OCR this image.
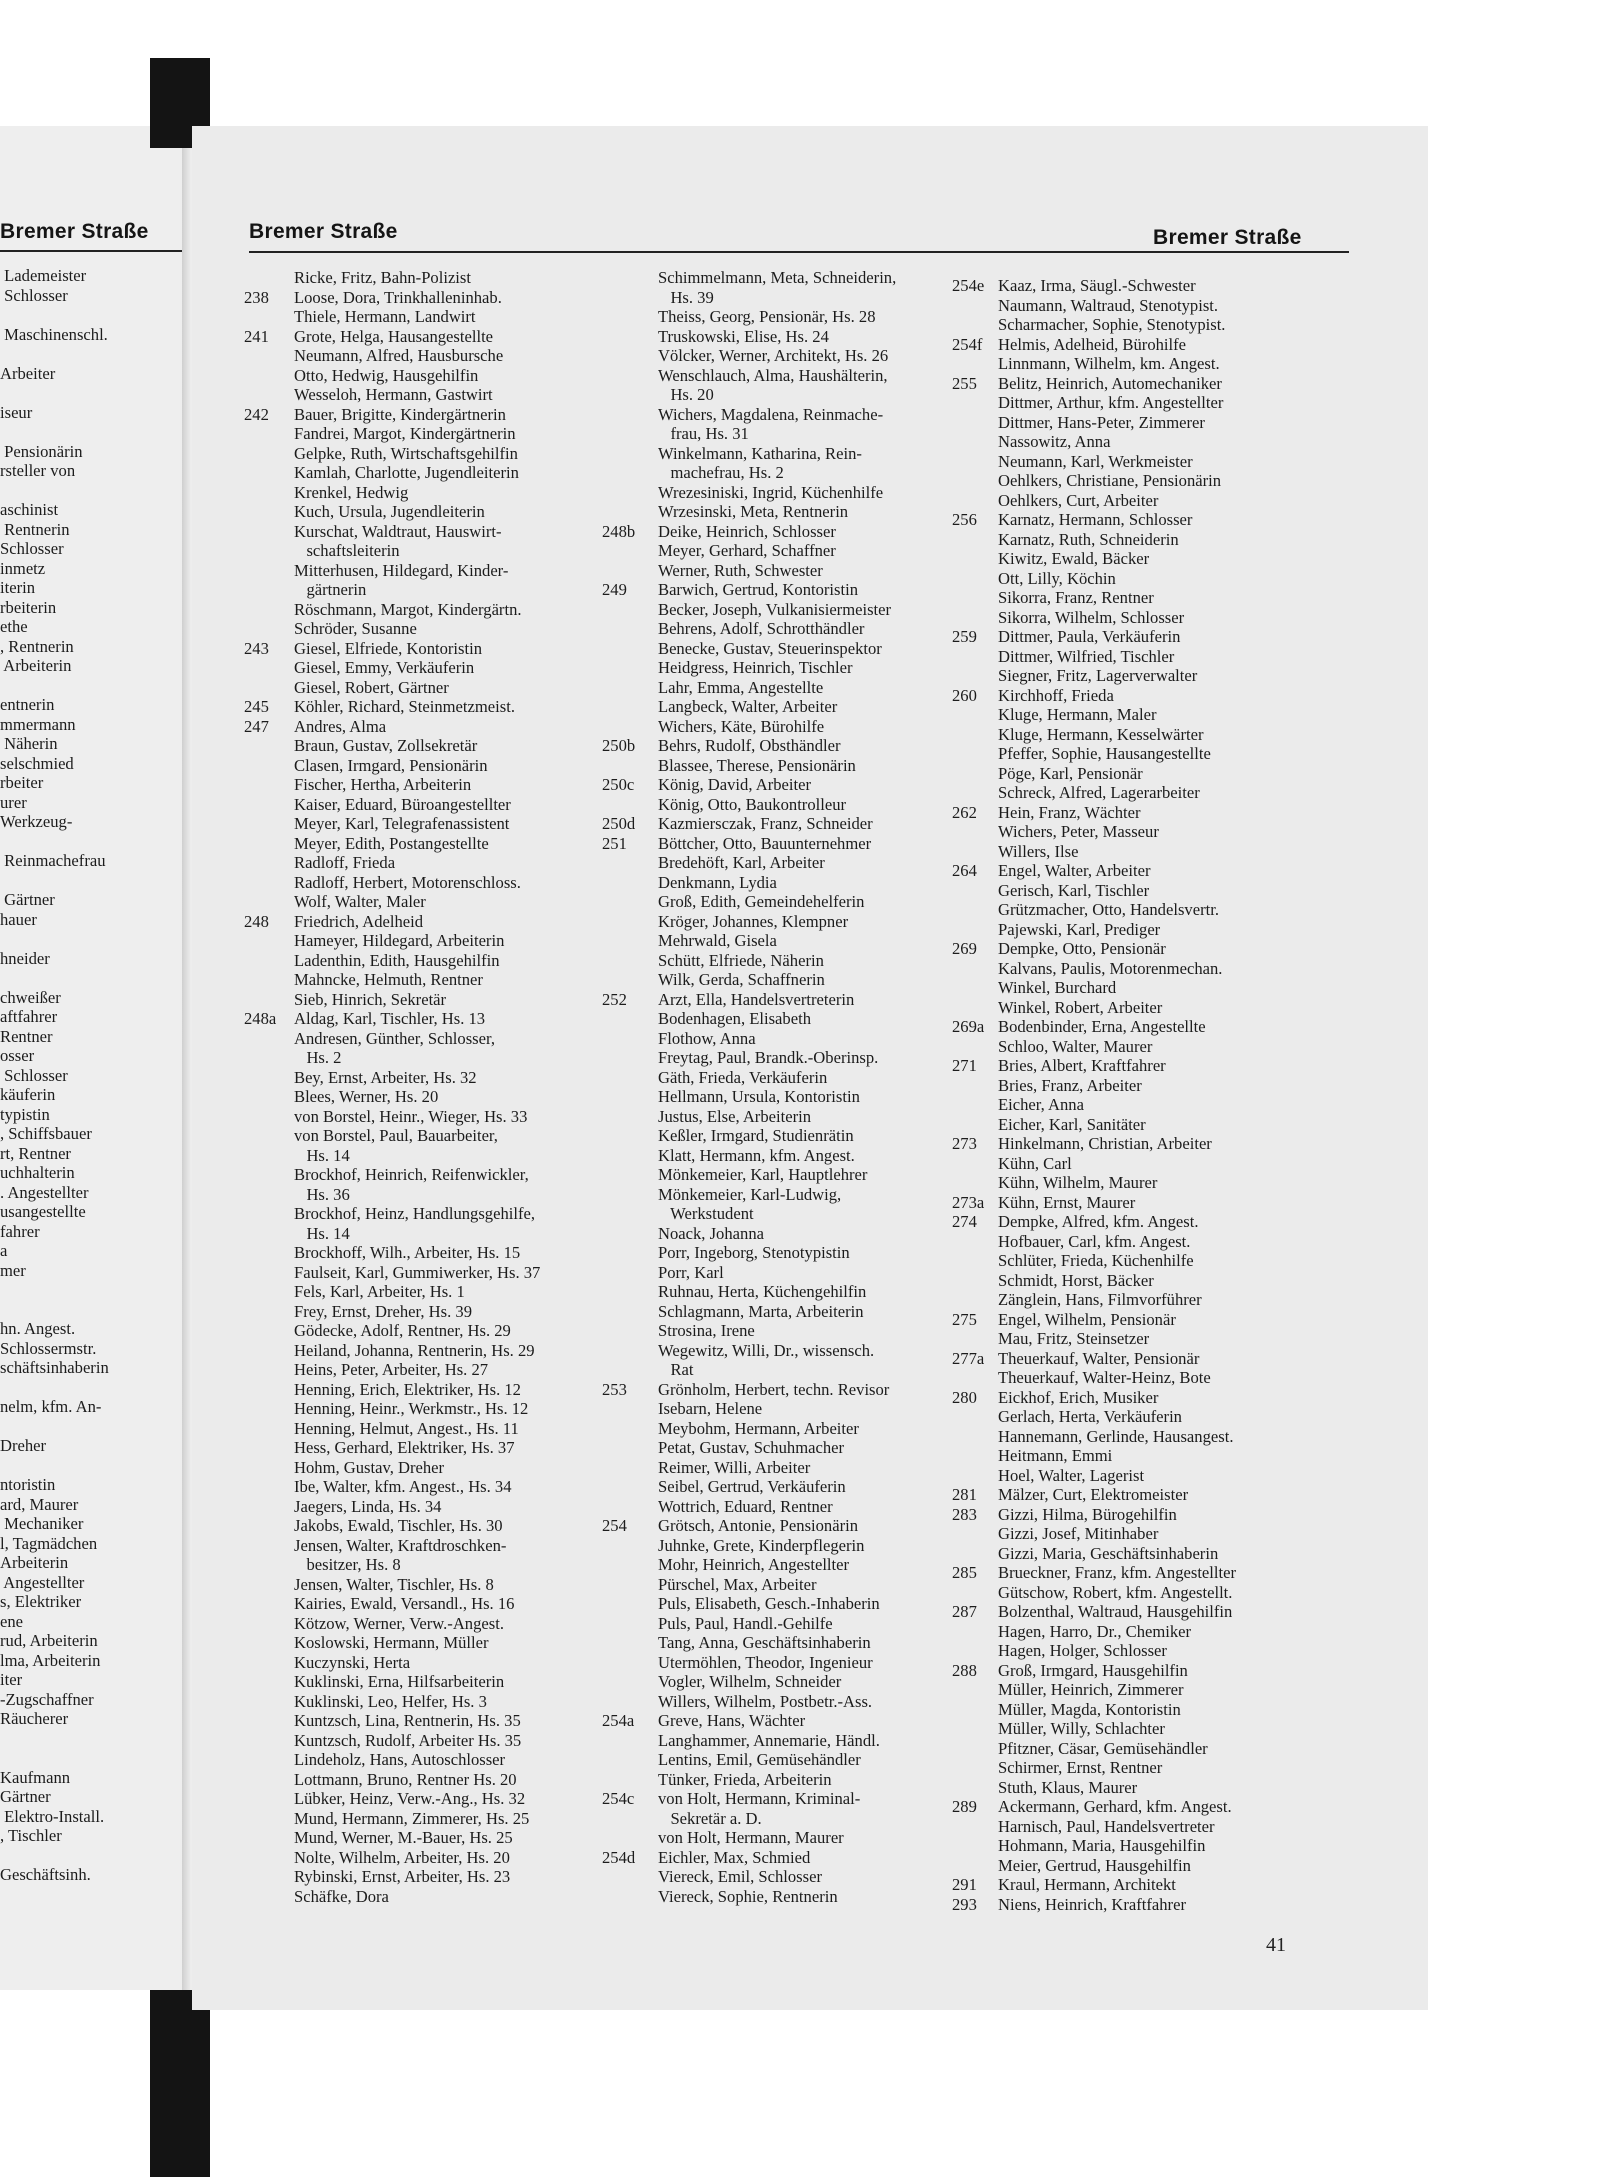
Bremer Straße
Lademeister
Schlosser
Maschinenschl.
Arbeiter
iseur
Pensionärin
rsteller von
aschinist
Rentnerin
Schlosser
inmetz
iterin
rbeiterin
ethe
, Rentnerin
Arbeiterin
entnerin
mmermann
Näherin
selschmied
rbeiter
urer
Werkzeug-
Reinmachefrau
Gärtner
hauer
hneider
chweißer
aftfahrer
Rentner
osser
Schlosser
käuferin
typistin
, Schiffsbauer
rt, Rentner
uchhalterin
. Angestellter
usangestellte
fahrer
a
mer
hn. Angest.
Schlossermstr.
schäftsinhaberin
nelm, kfm. An-
Dreher
ntoristin
ard, Maurer
Mechaniker
l, Tagmädchen
Arbeiterin
Angestellter
s, Elektriker
ene
rud, Arbeiterin
lma, Arbeiterin
iter
-Zugschaffner
Räucherer
Kaufmann
Gärtner
Elektro-Install.
, Tischler
Geschäftsinh.
Bremer Straße	Bremer Straße
Ricke, Fritz, Bahn-Polizist
238 Loose, Dora, Trinkhalleninhab.
Thiele, Hermann, Landwirt
241 Grote, Helga, Hausangestellte
Neumann, Alfred, Hausbursche
Otto, Hedwig, Hausgehilfin
Wesseloh, Hermann, Gastwirt
242 Bauer, Brigitte, Kindergärtnerin
Fandrei, Margot, Kindergärtnerin
Gelpke, Ruth, Wirtschaftsgehilfin
Kamlah, Charlotte, Jugendleiterin
Krenkel, Hedwig
Kuch, Ursula, Jugendleiterin
Kurschat, Waldtraut, Hauswirt-
schaftsleiterin
Mitterhusen, Hildegard, Kinder-
gärtnerin
Röschmann, Margot, Kindergärtn.
Schröder, Susanne
243 Giesel, Elfriede, Kontoristin
Giesel, Emmy, Verkäuferin
Giesel, Robert, Gärtner
245 Köhler, Richard, Steinmetzmeist.
247 Andres, Alma
Braun, Gustav, Zollsekretär
Clasen, Irmgard, Pensionärin
Fischer, Hertha, Arbeiterin
Kaiser, Eduard, Büroangestellter
Meyer, Karl, Telegrafenassistent
Meyer, Edith, Postangestellte
Radloff, Frieda
Radloff, Herbert, Motorenschloss.
Wolf, Walter, Maler
248 Friedrich, Adelheid
Hameyer, Hildegard, Arbeiterin
Ladenthin, Edith, Hausgehilfin
Mahncke, Helmuth, Rentner
Sieb, Hinrich, Sekretär
248a Aldag, Karl, Tischler, Hs. 13
Andresen, Günther, Schlosser,
Hs. 2
Bey, Ernst, Arbeiter, Hs. 32
Blees, Werner, Hs. 20
von Borstel, Heinr., Wieger, Hs. 33
von Borstel, Paul, Bauarbeiter,
Hs. 14
Brockhof, Heinrich, Reifenwickler,
Hs. 36
Brockhof, Heinz, Handlungsgehilfe,
Hs. 14
Brockhoff, Wilh., Arbeiter, Hs. 15
Faulseit, Karl, Gummiwerker, Hs. 37
Fels, Karl, Arbeiter, Hs. 1
Frey, Ernst, Dreher, Hs. 39
Gödecke, Adolf, Rentner, Hs. 29
Heiland, Johanna, Rentnerin, Hs. 29
Heins, Peter, Arbeiter, Hs. 27
Henning, Erich, Elektriker, Hs. 12
Henning, Heinr., Werkmstr., Hs. 12
Henning, Helmut, Angest., Hs. 11
Hess, Gerhard, Elektriker, Hs. 37
Hohm, Gustav, Dreher
Ibe, Walter, kfm. Angest., Hs. 34
Jaegers, Linda, Hs. 34
Jakobs, Ewald, Tischler, Hs. 30
Jensen, Walter, Kraftdroschken-
besitzer, Hs. 8
Jensen, Walter, Tischler, Hs. 8
Kairies, Ewald, Versandl., Hs. 16
Kötzow, Werner, Verw.-Angest.
Koslowski, Hermann, Müller
Kuczynski, Herta
Kuklinski, Erna, Hilfsarbeiterin
Kuklinski, Leo, Helfer, Hs. 3
Kuntzsch, Lina, Rentnerin, Hs. 35
Kuntzsch, Rudolf, Arbeiter Hs. 35
Lindeholz, Hans, Autoschlosser
Lottmann, Bruno, Rentner Hs. 20
Lübker, Heinz, Verw.-Ang., Hs. 32
Mund, Hermann, Zimmerer, Hs. 25
Mund, Werner, M.-Bauer, Hs. 25
Nolte, Wilhelm, Arbeiter, Hs. 20
Rybinski, Ernst, Arbeiter, Hs. 23
Schäfke, Dora
Schimmelmann, Meta, Schneiderin,
Hs. 39
Theiss, Georg, Pensionär, Hs. 28
Truskowski, Elise, Hs. 24
Völcker, Werner, Architekt, Hs. 26
Wenschlauch, Alma, Haushälterin,
Hs. 20
Wichers, Magdalena, Reinmache-
frau, Hs. 31
Winkelmann, Katharina, Rein-
machefrau, Hs. 2
Wrezesiniski, Ingrid, Küchenhilfe
Wrzesinski, Meta, Rentnerin
248b Deike, Heinrich, Schlosser
Meyer, Gerhard, Schaffner
Werner, Ruth, Schwester
249 Barwich, Gertrud, Kontoristin
Becker, Joseph, Vulkanisiermeister
Behrens, Adolf, Schrotthändler
Benecke, Gustav, Steuerinspektor
Heidgress, Heinrich, Tischler
Lahr, Emma, Angestellte
Langbeck, Walter, Arbeiter
Wichers, Käte, Bürohilfe
250b Behrs, Rudolf, Obsthändler
Blassee, Therese, Pensionärin
250c König, David, Arbeiter
König, Otto, Baukontrolleur
250d Kazmiersczak, Franz, Schneider
251 Böttcher, Otto, Bauunternehmer
Bredehöft, Karl, Arbeiter
Denkmann, Lydia
Groß, Edith, Gemeindehelferin
Kröger, Johannes, Klempner
Mehrwald, Gisela
Schütt, Elfriede, Näherin
Wilk, Gerda, Schaffnerin
252 Arzt, Ella, Handelsvertreterin
Bodenhagen, Elisabeth
Flothow, Anna
Freytag, Paul, Brandk.-Oberinsp.
Gäth, Frieda, Verkäuferin
Hellmann, Ursula, Kontoristin
Justus, Else, Arbeiterin
Keßler, Irmgard, Studienrätin
Klatt, Hermann, kfm. Angest.
Mönkemeier, Karl, Hauptlehrer
Mönkemeier, Karl-Ludwig,
Werkstudent
Noack, Johanna
Porr, Ingeborg, Stenotypistin
Porr, Karl
Ruhnau, Herta, Küchengehilfin
Schlagmann, Marta, Arbeiterin
Strosina, Irene
Wegewitz, Willi, Dr., wissensch.
Rat
253 Grönholm, Herbert, techn. Revisor
Isebarn, Helene
Meybohm, Hermann, Arbeiter
Petat, Gustav, Schuhmacher
Reimer, Willi, Arbeiter
Seibel, Gertrud, Verkäuferin
Wottrich, Eduard, Rentner
254 Grötsch, Antonie, Pensionärin
Juhnke, Grete, Kinderpflegerin
Mohr, Heinrich, Angestellter
Pürschel, Max, Arbeiter
Puls, Elisabeth, Gesch.-Inhaberin
Puls, Paul, Handl.-Gehilfe
Tang, Anna, Geschäftsinhaberin
Utermöhlen, Theodor, Ingenieur
Vogler, Wilhelm, Schneider
Willers, Wilhelm, Postbetr.-Ass.
254a Greve, Hans, Wächter
Langhammer, Annemarie, Händl.
Lentins, Emil, Gemüsehändler
Tünker, Frieda, Arbeiterin
254c von Holt, Hermann, Kriminal-
Sekretär a. D.
von Holt, Hermann, Maurer
254d Eichler, Max, Schmied
Viereck, Emil, Schlosser
Viereck, Sophie, Rentnerin
254e Kaaz, Irma, Säugl.-Schwester
Naumann, Waltraud, Stenotypist.
Scharmacher, Sophie, Stenotypist.
254f Helmis, Adelheid, Bürohilfe
Linnmann, Wilhelm, km. Angest.
255 Belitz, Heinrich, Automechaniker
Dittmer, Arthur, kfm. Angestellter
Dittmer, Hans-Peter, Zimmerer
Nassowitz, Anna
Neumann, Karl, Werkmeister
Oehlkers, Christiane, Pensionärin
Oehlkers, Curt, Arbeiter
256 Karnatz, Hermann, Schlosser
Karnatz, Ruth, Schneiderin
Kiwitz, Ewald, Bäcker
Ott, Lilly, Köchin
Sikorra, Franz, Rentner
Sikorra, Wilhelm, Schlosser
259 Dittmer, Paula, Verkäuferin
Dittmer, Wilfried, Tischler
Siegner, Fritz, Lagerverwalter
260 Kirchhoff, Frieda
Kluge, Hermann, Maler
Kluge, Hermann, Kesselwärter
Pfeffer, Sophie, Hausangestellte
Pöge, Karl, Pensionär
Schreck, Alfred, Lagerarbeiter
262 Hein, Franz, Wächter
Wichers, Peter, Masseur
Willers, Ilse
264 Engel, Walter, Arbeiter
Gerisch, Karl, Tischler
Grützmacher, Otto, Handelsvertr.
Pajewski, Karl, Prediger
269 Dempke, Otto, Pensionär
Kalvans, Paulis, Motorenmechan.
Winkel, Burchard
Winkel, Robert, Arbeiter
269a Bodenbinder, Erna, Angestellte
Schloo, Walter, Maurer
271 Bries, Albert, Kraftfahrer
Bries, Franz, Arbeiter
Eicher, Anna
Eicher, Karl, Sanitäter
273 Hinkelmann, Christian, Arbeiter
Kühn, Carl
Kühn, Wilhelm, Maurer
273a Kühn, Ernst, Maurer
274 Dempke, Alfred, kfm. Angest.
Hofbauer, Carl, kfm. Angest.
Schlüter, Frieda, Küchenhilfe
Schmidt, Horst, Bäcker
Zänglein, Hans, Filmvorführer
275 Engel, Wilhelm, Pensionär
Mau, Fritz, Steinsetzer
277a Theuerkauf, Walter, Pensionär
Theuerkauf, Walter-Heinz, Bote
280 Eickhof, Erich, Musiker
Gerlach, Herta, Verkäuferin
Hannemann, Gerlinde, Hausangest.
Heitmann, Emmi
Hoel, Walter, Lagerist
281 Mälzer, Curt, Elektromeister
283 Gizzi, Hilma, Bürogehilfin
Gizzi, Josef, Mitinhaber
Gizzi, Maria, Geschäftsinhaberin
285 Brueckner, Franz, kfm. Angestellter
Gütschow, Robert, kfm. Angestellt.
287 Bolzenthal, Waltraud, Hausgehilfin
Hagen, Harro, Dr., Chemiker
Hagen, Holger, Schlosser
288 Groß, Irmgard, Hausgehilfin
Müller, Heinrich, Zimmerer
Müller, Magda, Kontoristin
Müller, Willy, Schlachter
Pfitzner, Cäsar, Gemüsehändler
Schirmer, Ernst, Rentner
Stuth, Klaus, Maurer
289 Ackermann, Gerhard, kfm. Angest.
Harnisch, Paul, Handelsvertreter
Hohmann, Maria, Hausgehilfin
Meier, Gertrud, Hausgehilfin
291 Kraul, Hermann, Architekt
293 Niens, Heinrich, Kraftfahrer
41
